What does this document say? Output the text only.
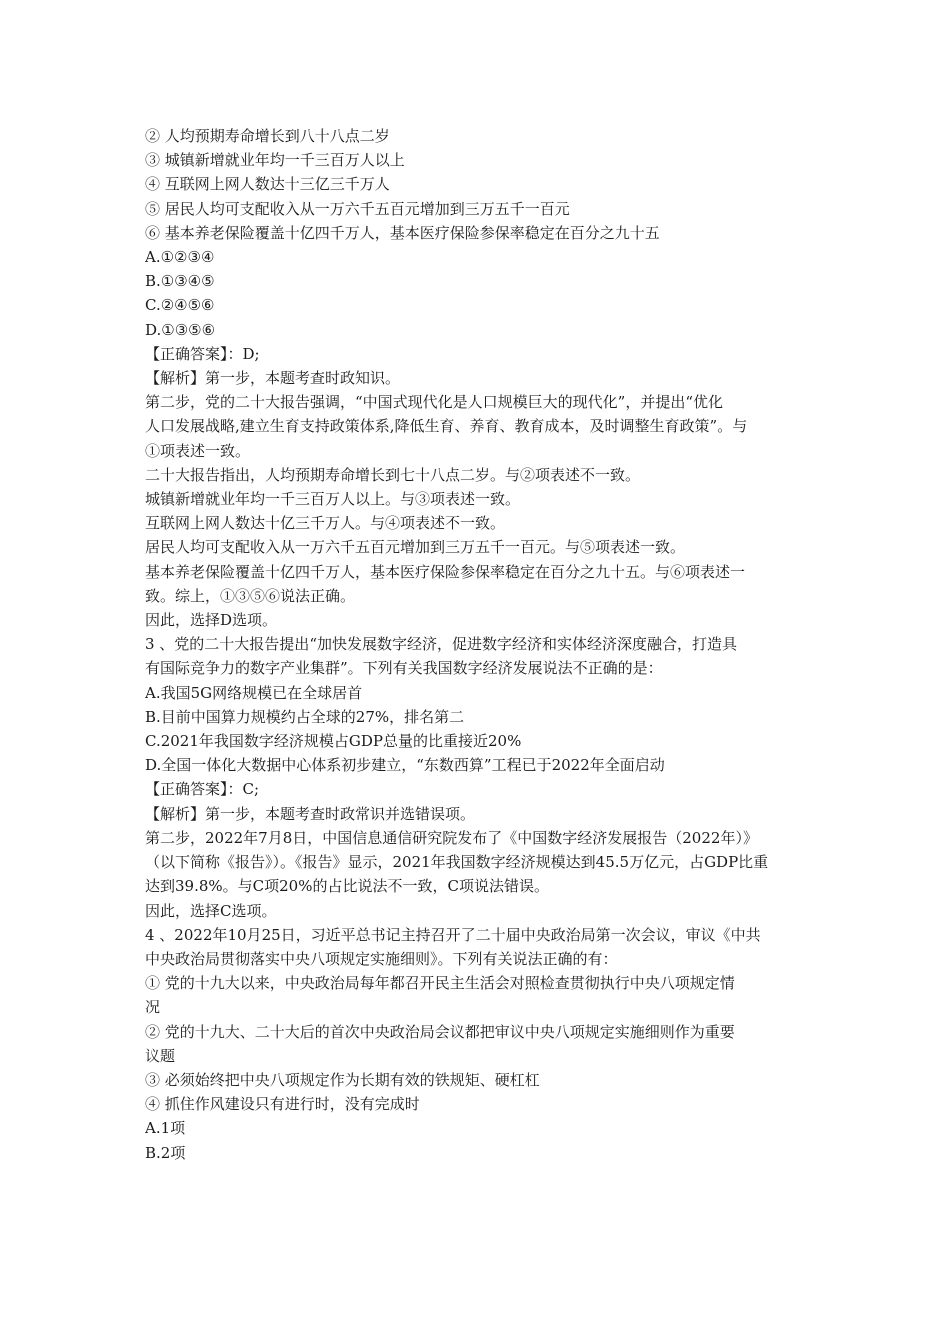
② 人均预期寿命增长到八十八点二岁
③ 城镇新增就业年均一千三百万人以上
④ 互联网上网人数达十三亿三千万人
⑤ 居民人均可支配收入从一万六千五百元增加到三万五千一百元
⑥ 基本养老保险覆盖十亿四千万人，基本医疗保险参保率稳定在百分之九十五
A.①②③④
B.①③④⑤
C.②④⑤⑥
D.①③⑤⑥
【正确答案】：D;
【解析】第一步，本题考查时政知识。
第二步，党的二十大报告强调，“中国式现代化是人口规模巨大的现代化”，并提出“优化
人口发展战略,建立生育支持政策体系,降低生育、养育、教育成本，及时调整生育政策”。与
①项表述一致。
二十大报告指出，人均预期寿命增长到七十八点二岁。与②项表述不一致。
城镇新增就业年均一千三百万人以上。与③项表述一致。
互联网上网人数达十亿三千万人。与④项表述不一致。
居民人均可支配收入从一万六千五百元增加到三万五千一百元。与⑤项表述一致。
基本养老保险覆盖十亿四千万人，基本医疗保险参保率稳定在百分之九十五。与⑥项表述一
致。综上，①③⑤⑥说法正确。
因此，选择D选项。
3 、党的二十大报告提出“加快发展数字经济，促进数字经济和实体经济深度融合，打造具
有国际竞争力的数字产业集群”。下列有关我国数字经济发展说法不正确的是：
A.我国5G网络规模已在全球居首
B.目前中国算力规模约占全球的27%，排名第二
C.2021年我国数字经济规模占GDP总量的比重接近20%
D.全国一体化大数据中心体系初步建立，“东数西算”工程已于2022年全面启动
【正确答案】：C;
【解析】第一步，本题考查时政常识并选错误项。
第二步，2022年7月8日，中国信息通信研究院发布了《中国数字经济发展报告（2022年）》
（以下简称《报告》）。《报告》显示，2021年我国数字经济规模达到45.5万亿元，占GDP比重
达到39.8%。与C项20%的占比说法不一致，C项说法错误。
因此，选择C选项。
4 、2022年10月25日，习近平总书记主持召开了二十届中央政治局第一次会议，审议《中共
中央政治局贯彻落实中央八项规定实施细则》。下列有关说法正确的有：
① 党的十九大以来，中央政治局每年都召开民主生活会对照检查贯彻执行中央八项规定情
况
② 党的十九大、二十大后的首次中央政治局会议都把审议中央八项规定实施细则作为重要
议题
③ 必须始终把中央八项规定作为长期有效的铁规矩、硬杠杠
④ 抓住作风建设只有进行时，没有完成时
A.1项
B.2项
